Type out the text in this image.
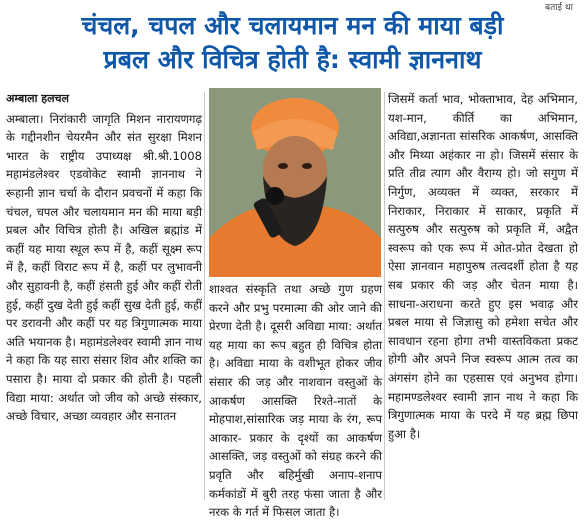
बताई था
चंचल, चपल और चलायमान मन की माया बड़ी
प्रबल और विचित्र होती है: स्वामी ज्ञाननाथ
अम्बाला हलचल

अम्बाला। निरांकारी जागृति मिशन नारायणगढ़ के गद्दीनशीन चेयरमैन और संत सुरक्षा मिशन भारत के राष्ट्रीय उपाध्यक्ष श्री.श्री.1008 महामंडलेश्वर एडवोकेट स्वामी ज्ञाननाथ ने रूहानी ज्ञान चर्चा के दौरान प्रवचनों में कहा कि चंचल, चपल और चलायमान मन की माया बड़ी प्रबल और विचित्र होती है। अखिल ब्रह्मांड में कहीं यह माया स्थूल रूप में है, कहीं सूक्ष्म रूप में है, कहीं विराट रूप में है, कहीं पर लुभावनी और सुहावनी है, कहीं हंसती हुई और कहीं रोती हुई, कहीं दुख देती हुई कहीं सुख देती हुई, कहीं पर डरावनी और कहीं पर यह त्रिगुणात्मक माया अति भयानक है। महामंडलेश्वर स्वामी ज्ञान नाथ ने कहा कि यह सारा संसार शिव और शक्ति का पसारा है। माया दो प्रकार की होती है। पहली विद्या माया: अर्थात जो जीव को अच्छे संस्कार, अच्छे विचार, अच्छा व्यवहार और सनातन

शाश्वत संस्कृति तथा अच्छे गुण ग्रहण करने और प्रभु परमात्मा की ओर जाने की प्रेरणा देती है। दूसरी अविद्या माया: अर्थात यह माया का रूप बहुत ही विचित्र होता है। अविद्या माया के वशीभूत होकर जीव संसार की जड़ और नाशवान वस्तुओं के आकर्षण आसक्ति रिश्ते-नातों के मोहपाश,सांसारिक जड़ माया के रंग, रूप आकार- प्रकार के दृश्यों का आकर्षण आसक्ति, जड़ वस्तुओं को संग्रह करने की प्रवृति और बहिर्मुखी अनाप-शनाप कर्मकांडों में बुरी तरह फंसा जाता है और नरक के गर्त में फिसल जाता है।

जिसमें कर्ता भाव, भोक्ताभाव, देह अभिमान, यश-मान, कीर्ति का अभिमान, अविद्या,अज्ञानता सांसरिक आकर्षण, आसक्ति और मिथ्या अहंकार ना हो। जिसमें संसार के प्रति तीव्र त्याग और वैराग्य हो। जो सगुण में निर्गुण, अव्यक्त में व्यक्त, सरकार में निराकार, निराकार में साकार, प्रकृति में सत्पुरुष और सत्पुरुष को प्रकृति में, अद्वैत स्वरूप को एक रूप में ओत-प्रोत देखता हो ऐसा ज्ञानवान महापुरुष तत्वदर्शी होता है यह सब प्रकार की जड़ और चेतन माया है। साधना-अराधना करते हुए इस भवाढ़ और प्रबल माया से जिज्ञासु को हमेशा सचेत और सावधान रहना होगा तभी वास्तविकता प्रकट होगी और अपने निज स्वरूप आत्म तत्व का अंगसंग होने का एहसास एवं अनुभव होगा। महामण्डलेश्वर स्वामी ज्ञान नाथ ने कहा कि त्रिगुणात्मक माया के परदे में यह ब्रह्म छिपा हुआ है।
